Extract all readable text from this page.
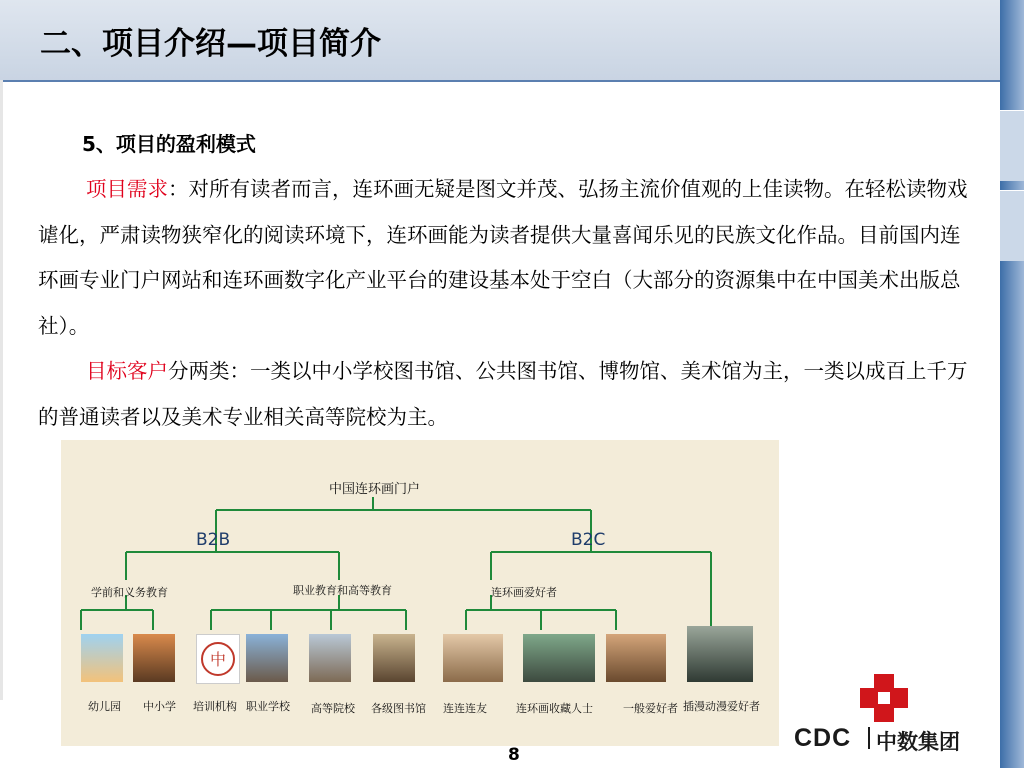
二、项目介绍—项目简介
5、项目的盈利模式
项目需求：对所有读者而言，连环画无疑是图文并茂、弘扬主流价值观的上佳读物。在轻松读物戏谑化，严肃读物狭窄化的阅读环境下，连环画能为读者提供大量喜闻乐见的民族文化作品。目前国内连环画专业门户网站和连环画数字化产业平台的建设基本处于空白（大部分的资源集中在中国美术出版总社）。
目标客户分两类：一类以中小学校图书馆、公共图书馆、博物馆、美术馆为主，一类以成百上千万的普通读者以及美术专业相关高等院校为主。
中国连环画门户
B2B	B2C
学前和义务教育	职业教育和高等教育	连环画爱好者
中
幼儿园 中小学 培训机构 职业学校 高等院校 各级图书馆 连连连友	连环画收藏人士	一般爱好者 插漫动漫爱好者
8
CDC 中数集团
